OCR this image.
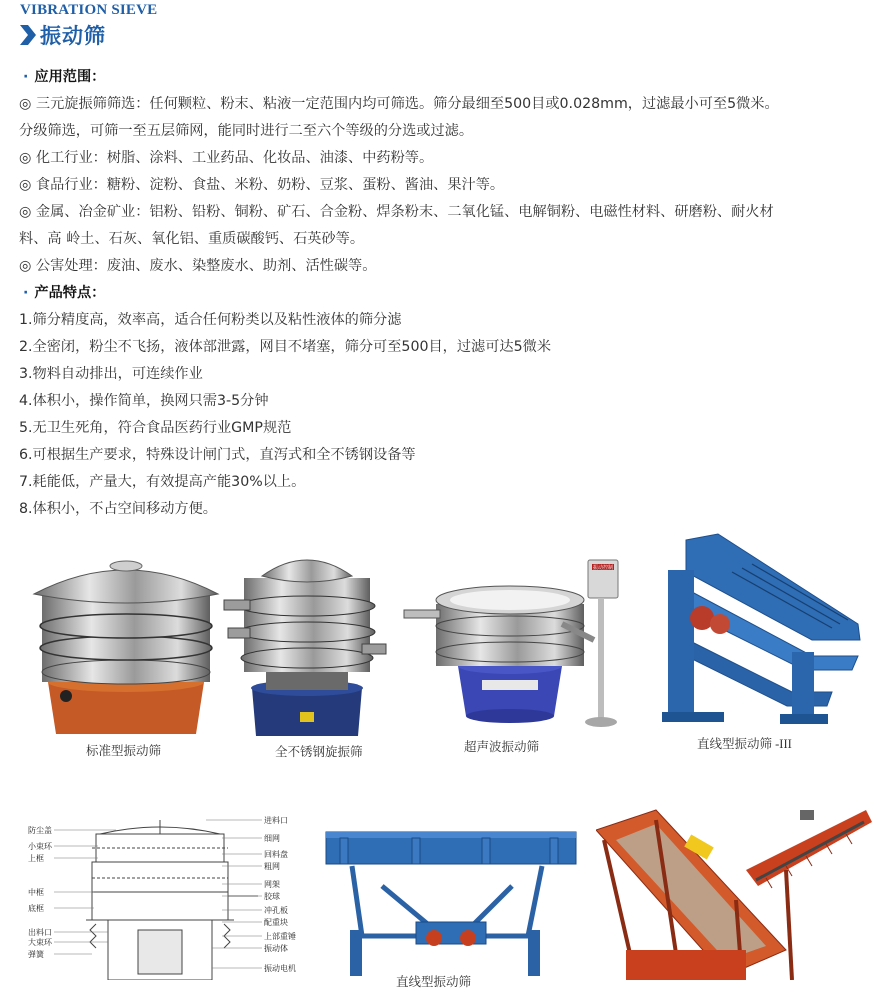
VIBRATION SIEVE
振动筛
· 应用范围：
◎ 三元旋振筛筛选：任何颗粒、粉末、粘液一定范围内均可筛选。筛分最细至500目或0.028mm，过滤最小可至5微米。
分级筛选，可筛一至五层筛网，能同时进行二至六个等级的分选或过滤。
◎ 化工行业：树脂、涂料、工业药品、化妆品、油漆、中药粉等。
◎ 食品行业：糖粉、淀粉、食盐、米粉、奶粉、豆浆、蛋粉、酱油、果汁等。
◎ 金属、冶金矿业：铝粉、铅粉、铜粉、矿石、合金粉、焊条粉末、二氧化锰、电解铜粉、电磁性材料、研磨粉、耐火材
料、高 岭土、石灰、氧化铝、重质碳酸钙、石英砂等。
◎ 公害处理：废油、废水、染整废水、助剂、活性碳等。
· 产品特点：
1.筛分精度高，效率高，适合任何粉类以及粘性液体的筛分滤
2.全密闭，粉尘不飞扬，液体部泄露，网目不堵塞，筛分可至500目，过滤可达5微米
3.物料自动排出，可连续作业
4.体积小，操作简单，换网只需3-5分钟
5.无卫生死角，符合食品医药行业GMP规范
6.可根据生产要求，特殊设计闸门式，直泻式和全不锈钢设备等
7.耗能低，产量大，有效提高产能30%以上。
8.体积小，不占空间移动方便。
标准型振动筛	全不锈钢旋振筛
振动控制
超声波振动筛	直线型振动筛 -III
防尘盖
小束环
上框
中框
底框
出料口
大束环
弹簧
进料口
细网
回料盘
粗网
网架
胶球
冲孔板
配重块
上部重锤
振动体
振动电机
直线型振动筛
